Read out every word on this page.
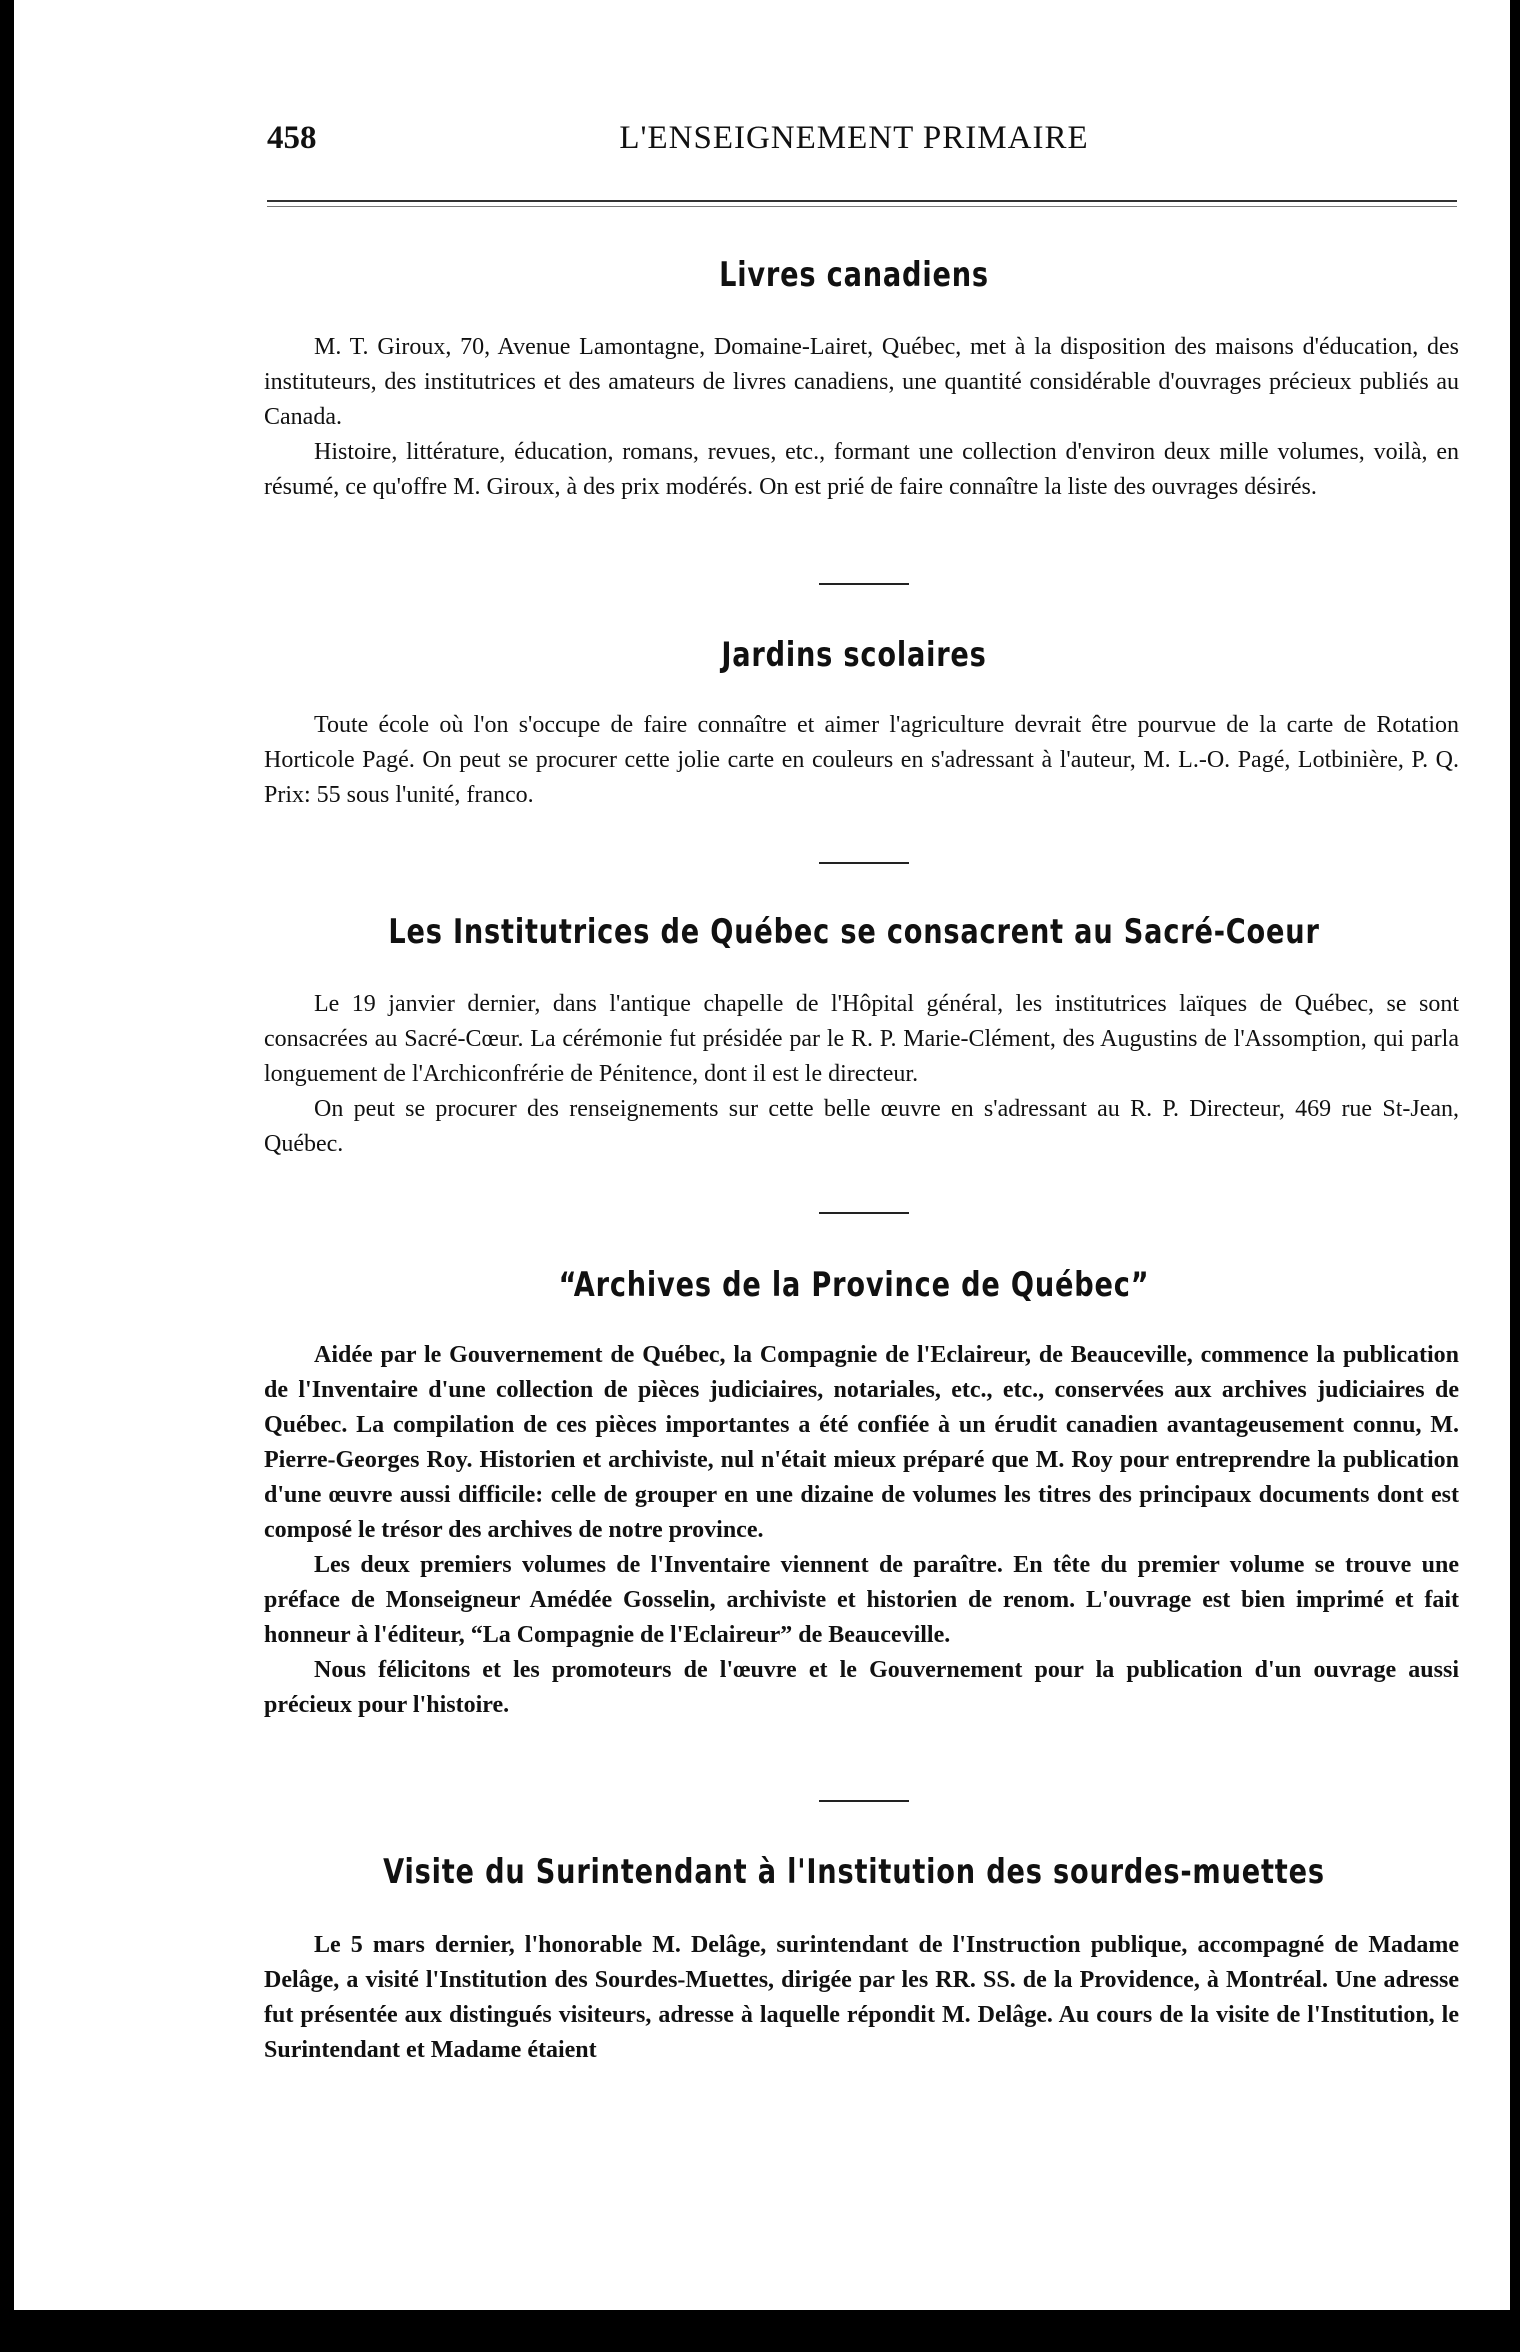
458	L'ENSEIGNEMENT PRIMAIRE
Livres canadiens

M. T. Giroux, 70, Avenue Lamontagne, Domaine-Lairet, Québec, met à la disposition des maisons d'éducation, des instituteurs, des institutrices et des amateurs de livres canadiens, une quantité considérable d'ouvrages précieux publiés au Canada.

Histoire, littérature, éducation, romans, revues, etc., formant une collection d'environ deux mille volumes, voilà, en résumé, ce qu'offre M. Giroux, à des prix modérés. On est prié de faire connaître la liste des ouvrages désirés.

Jardins scolaires

Toute école où l'on s'occupe de faire connaître et aimer l'agriculture devrait être pourvue de la carte de Rotation Horticole Pagé. On peut se procurer cette jolie carte en couleurs en s'adressant à l'auteur, M. L.-O. Pagé, Lotbinière, P. Q. Prix: 55 sous l'unité, franco.

Les Institutrices de Québec se consacrent au Sacré-Coeur

Le 19 janvier dernier, dans l'antique chapelle de l'Hôpital général, les institutrices laïques de Québec, se sont consacrées au Sacré-Cœur. La cérémonie fut présidée par le R. P. Marie-Clément, des Augustins de l'Assomption, qui parla longuement de l'Archiconfrérie de Pénitence, dont il est le directeur.

On peut se procurer des renseignements sur cette belle œuvre en s'adressant au R. P. Directeur, 469 rue St-Jean, Québec.

“Archives de la Province de Québec”

Aidée par le Gouvernement de Québec, la Compagnie de l'Eclaireur, de Beauceville, commence la publication de l'Inventaire d'une collection de pièces judiciaires, notariales, etc., etc., conservées aux archives judiciaires de Québec. La compilation de ces pièces importantes a été confiée à un érudit canadien avantageusement connu, M. Pierre-Georges Roy. Historien et archiviste, nul n'était mieux préparé que M. Roy pour entreprendre la publication d'une œuvre aussi difficile: celle de grouper en une dizaine de volumes les titres des principaux documents dont est composé le trésor des archives de notre province.

Les deux premiers volumes de l'Inventaire viennent de paraître. En tête du premier volume se trouve une préface de Monseigneur Amédée Gosselin, archiviste et historien de renom. L'ouvrage est bien imprimé et fait honneur à l'éditeur, “La Compagnie de l'Eclaireur” de Beauceville.

Nous félicitons et les promoteurs de l'œuvre et le Gouvernement pour la publication d'un ouvrage aussi précieux pour l'histoire.

Visite du Surintendant à l'Institution des sourdes-muettes

Le 5 mars dernier, l'honorable M. Delâge, surintendant de l'Instruction publique, accompagné de Madame Delâge, a visité l'Institution des Sourdes-Muettes, dirigée par les RR. SS. de la Providence, à Montréal. Une adresse fut présentée aux distingués visiteurs, adresse à laquelle répondit M. Delâge. Au cours de la visite de l'Institution, le Surintendant et Madame étaient
